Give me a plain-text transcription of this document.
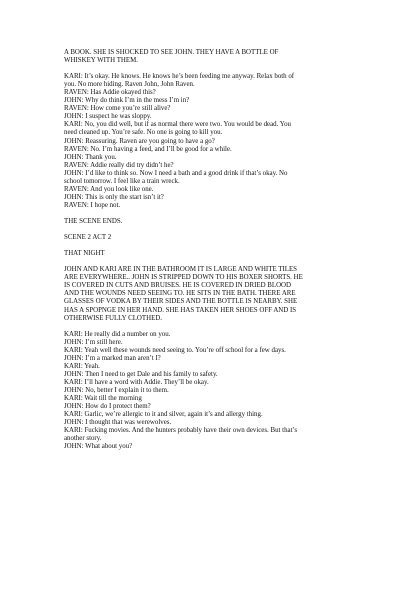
A BOOK. SHE IS SHOCKED TO SEE JOHN. THEY HAVE A BOTTLE OF
WHISKEY WITH THEM.
KARI: It’s okay. He knows. He knows he’s been feeding me anyway. Relax both of
you. No more hiding. Raven John, John Raven.
RAVEN: Has Addie okayed this?
JOHN: Why do think I’m in the mess I’m in?
RAVEN: How come you’re still alive?
JOHN: I suspect he was sloppy.
KARI: No, you did well, but if as normal there were two. You would be dead. You
need cleaned up. You’re safe. No one is going to kill you.
JOHN: Reassuring. Raven are you going to have a go?
RAVEN: No. I’m having a feed, and I’ll be good for a while.
JOHN: Thank you.
RAVEN: Addie really did try didn’t he?
JOHN: I’d like to think so. Now I need a bath and a good drink if that’s okay. No
school tomorrow. I feel like a train wreck.
RAVEN: And you look like one.
JOHN: This is only the start isn’t it?
RAVEN: I hope not.
THE SCENE ENDS.
SCENE 2 ACT 2
THAT NIGHT
JOHN AND KARI ARE IN THE BATHROOM IT IS LARGE AND WHITE TILES
ARE EVERYWHERE.. JOHN IS STRIPPED DOWN TO HIS BOXER SHORTS. HE
IS COVERED IN CUTS AND BRUISES. HE IS COVERED IN DRIED BLOOD
AND THE WOUNDS NEED SEEING TO. HE SITS IN THE BATH. THERE ARE
GLASSES OF VODKA BY THEIR SIDES AND THE BOTTLE IS NEARBY. SHE
HAS A SPOPNGE IN HER HAND. SHE HAS TAKEN HER SHOES OFF AND IS
OTHERWISE FULLY CLOTHED.
KARI: He really did a number on you.
JOHN: I’m still here.
KARI: Yeah well these wounds need seeing to. You’re off school for a few days.
JOHN: I’m a marked man aren’t I?
KARI: Yeah.
JOHN: Then I need to get Dale and his family to safety.
KARI: I’ll have a word with Addie. They’ll be okay.
JOHN: No, better I explain it to them.
KARI: Wait till the morning
JOHN: How do I protect them?
KARI: Garlic, we’re allergic to it and silver, again it’s and allergy thing.
JOHN: I thought that was werewolves.
KARI: Fucking movies. And the hunters probably have their own devices. But that’s
another story.
JOHN: What about you?
